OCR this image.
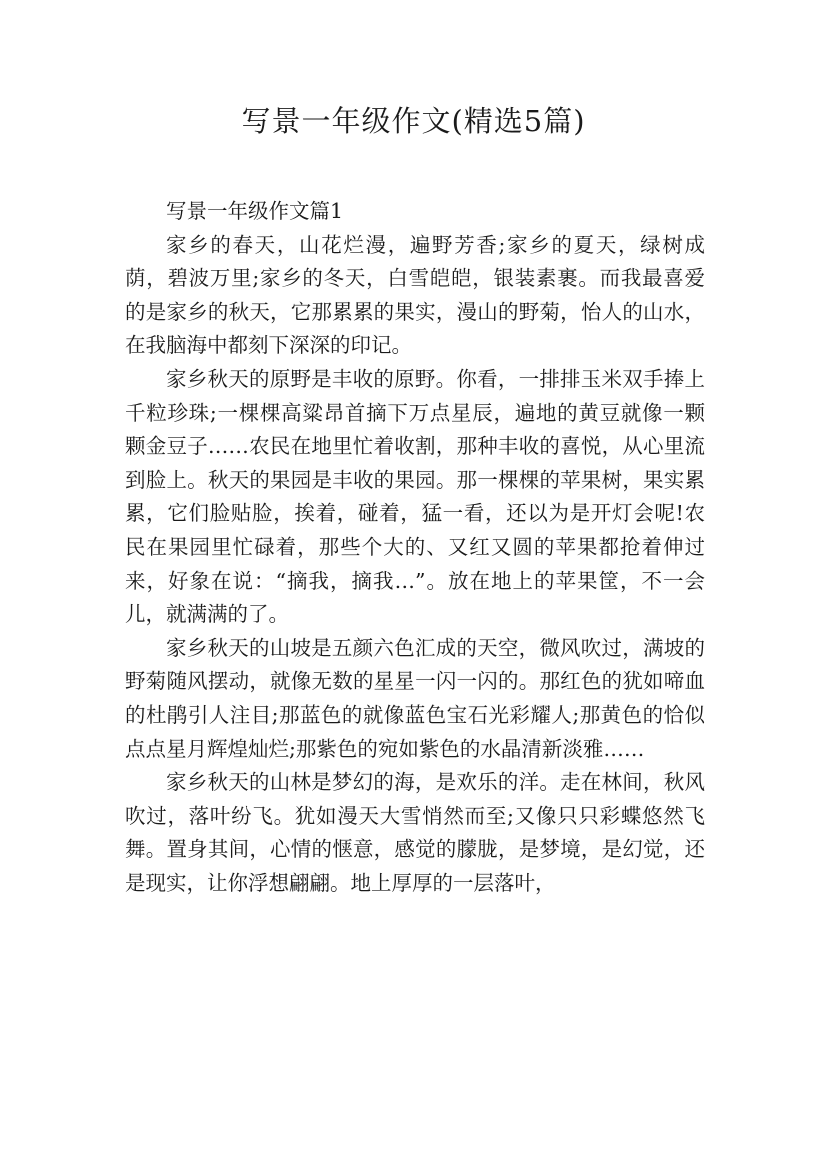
写景一年级作文(精选5篇)

写景一年级作文篇1

家乡的春天，山花烂漫，遍野芳香;家乡的夏天，绿树成荫，碧波万里;家乡的冬天，白雪皑皑，银装素裹。而我最喜爱的是家乡的秋天，它那累累的果实，漫山的野菊，怡人的山水，在我脑海中都刻下深深的印记。

家乡秋天的原野是丰收的原野。你看，一排排玉米双手捧上千粒珍珠;一棵棵高粱昂首摘下万点星辰，遍地的黄豆就像一颗颗金豆子……农民在地里忙着收割，那种丰收的喜悦，从心里流到脸上。秋天的果园是丰收的果园。那一棵棵的苹果树，果实累累，它们脸贴脸，挨着，碰着，猛一看，还以为是开灯会呢!农民在果园里忙碌着，那些个大的、又红又圆的苹果都抢着伸过来，好象在说：“摘我，摘我…”。放在地上的苹果筐，不一会儿，就满满的了。

家乡秋天的山坡是五颜六色汇成的天空，微风吹过，满坡的野菊随风摆动，就像无数的星星一闪一闪的。那红色的犹如啼血的杜鹃引人注目;那蓝色的就像蓝色宝石光彩耀人;那黄色的恰似点点星月辉煌灿烂;那紫色的宛如紫色的水晶清新淡雅……

家乡秋天的山林是梦幻的海，是欢乐的洋。走在林间，秋风吹过，落叶纷飞。犹如漫天大雪悄然而至;又像只只彩蝶悠然飞舞。置身其间，心情的惬意，感觉的朦胧，是梦境，是幻觉，还是现实，让你浮想翩翩。地上厚厚的一层落叶，
